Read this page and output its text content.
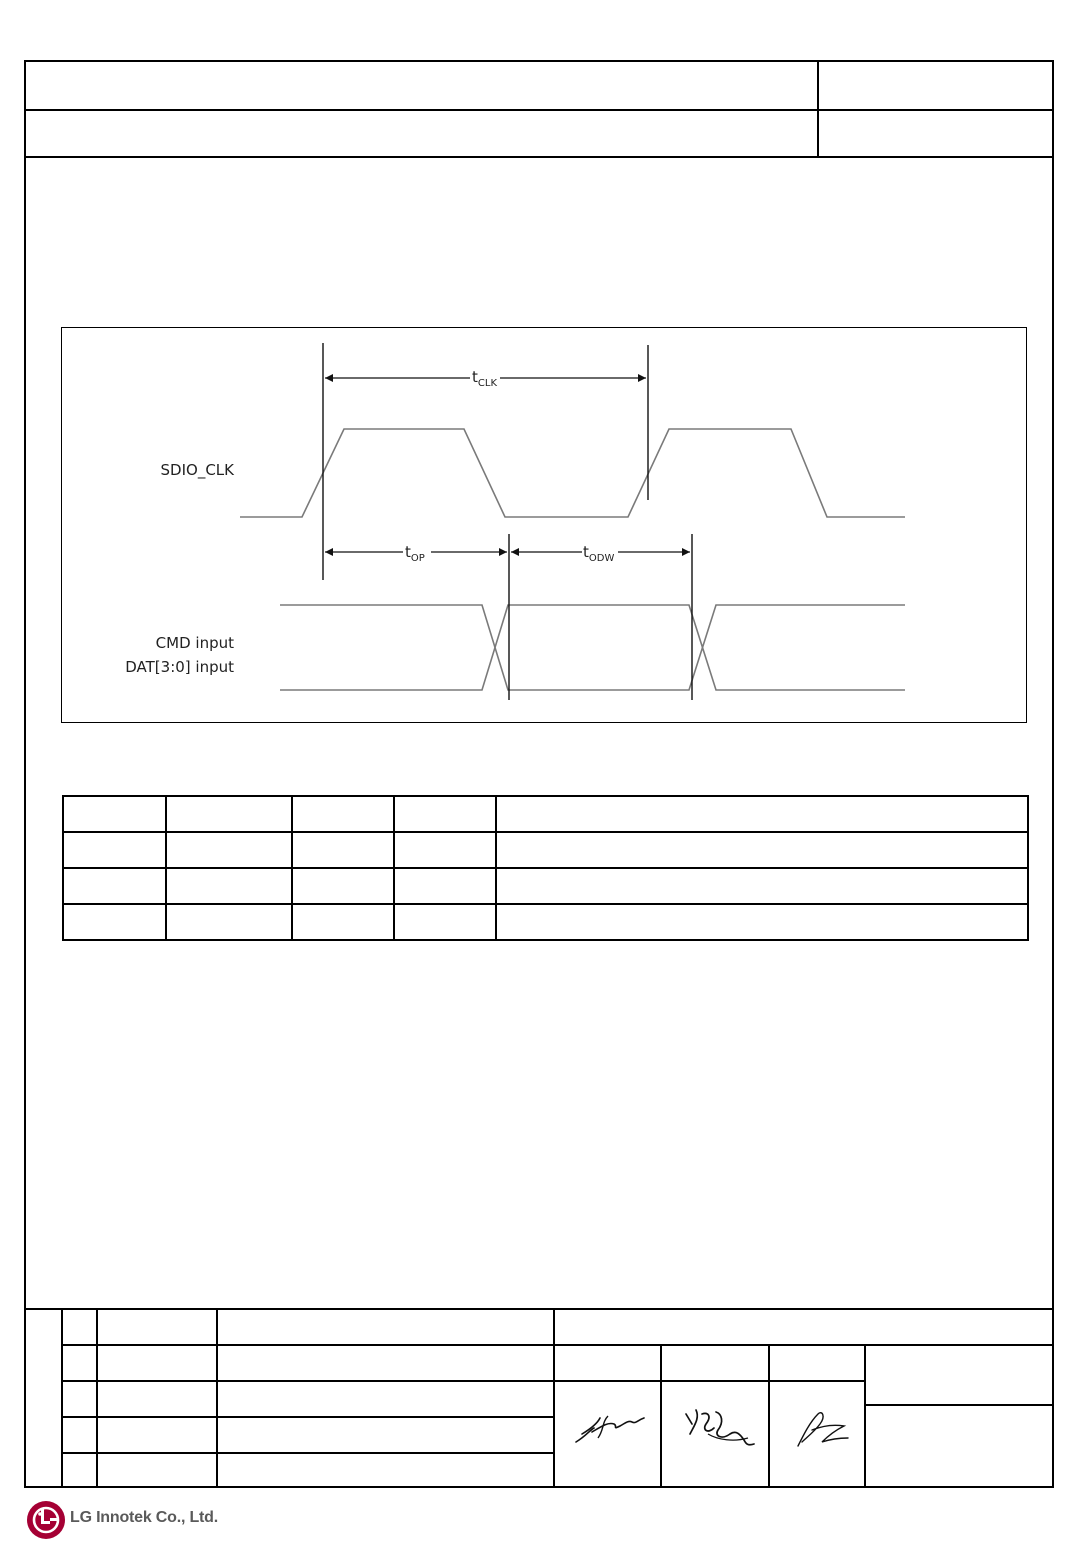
$t_{CLK}$
$t_{OP}$	$t_{ODW}$
SDIO_CLK
CMD input
DAT[3:0] input

LG Innotek Co., Ltd.
